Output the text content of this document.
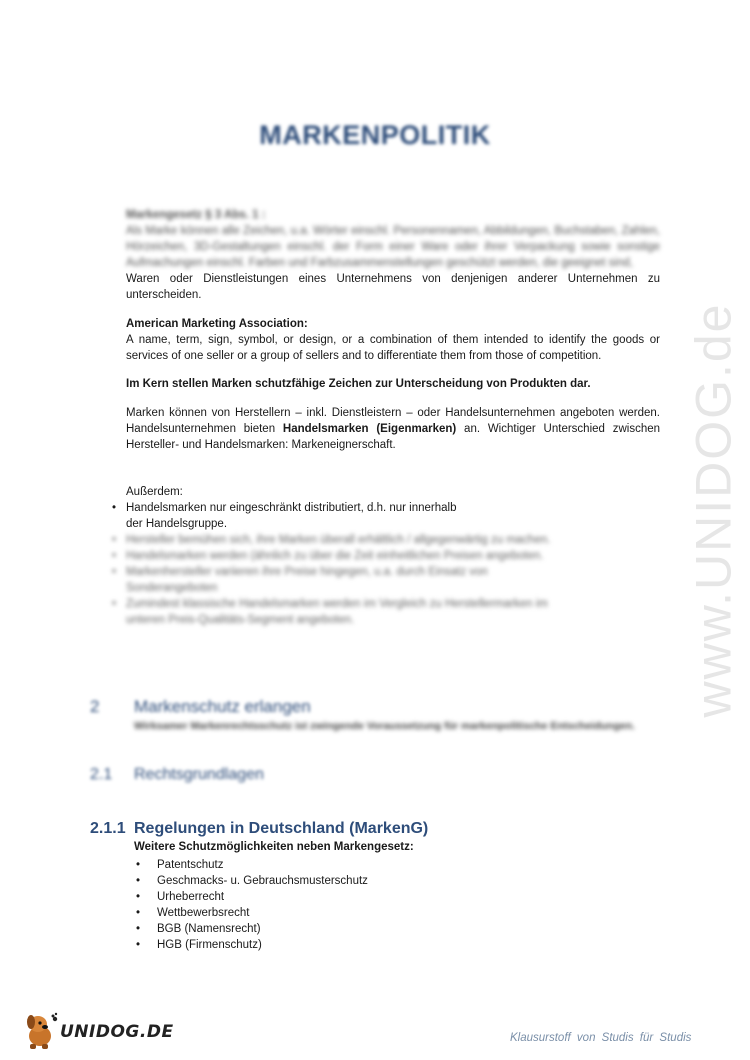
MARKENPOLITIK
Markengesetz § 3 Abs. 1 :
Als Marke können alle Zeichen, u.a. Wörter einschl. Personennamen, Abbildungen, Buchstaben, Zahlen, Hörzeichen, 3D-Gestaltungen einschl. der Form einer Ware oder ihrer Verpackung sowie sonstige Aufmachungen einschl. Farben und Farbzusammenstellungen geschützt werden, die geeignet sind,
Waren oder Dienstleistungen eines Unternehmens von denjenigen anderer Unternehmen zu unterscheiden.
American Marketing Association:
A name, term, sign, symbol, or design, or a combination of them intended to identify the goods or services of one seller or a group of sellers and to differentiate them from those of competition.
Im Kern stellen Marken schutzfähige Zeichen zur Unterscheidung von Produkten dar.
Marken können von Herstellern – inkl. Dienstleistern – oder Handelsunternehmen angeboten werden. Handelsunternehmen bieten Handelsmarken (Eigenmarken) an. Wichtiger Unterschied zwischen Hersteller- und Handelsmarken: Markeneignerschaft.
Außerdem:
• Handelsmarken nur eingeschränkt distributiert, d.h. nur innerhalb der Handelsgruppe.
• Hersteller bemühen sich, ihre Marken überall erhältlich / allgegenwärtig zu machen.
• Handelsmarken werden (ähnlich zu über die Zeit einheitlichen Preisen angeboten.
• Markenhersteller variieren ihre Preise hingegen, u.a. durch Einsatz von Sonderangeboten
• Zumindest klassische Handelsmarken werden im Vergleich zu Herstellermarken im unteren Preis-Qualitäts-Segment angeboten.
2 Markenschutz erlangen
Wirksamer Markenrechtsschutz ist zwingende Voraussetzung für markenpolitische Entscheidungen.
2.1 Rechtsgrundlagen
2.1.1 Regelungen in Deutschland (MarkenG)
Weitere Schutzmöglichkeiten neben Markengesetz:
• Patentschutz
• Geschmacks- u. Gebrauchsmusterschutz
• Urheberrecht
• Wettbewerbsrecht
• BGB (Namensrecht)
• HGB (Firmenschutz)
www.UNIDOG.de
UNIDOG.DE	Klausurstoff von Studis für Studis
